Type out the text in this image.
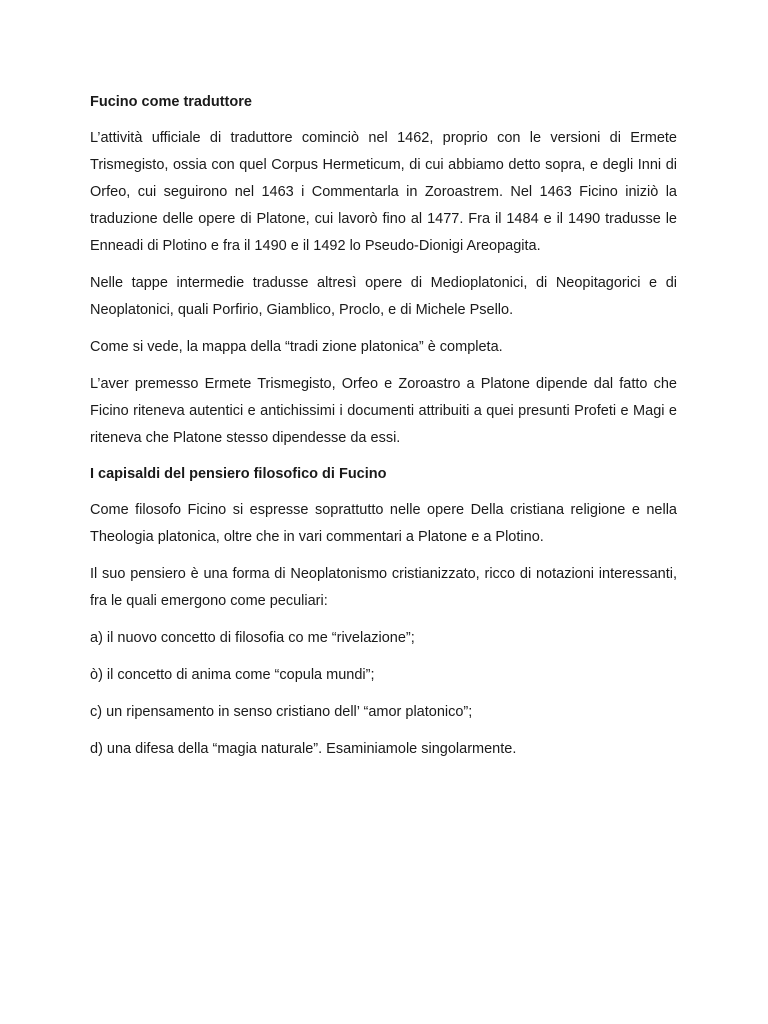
Fucino come traduttore

L’attività ufficiale di traduttore cominciò nel 1462, proprio con le versioni di Ermete Trismegisto, ossia con quel Corpus Hermeticum, di cui abbiamo detto sopra, e degli Inni di Orfeo, cui seguirono nel 1463 i Commentarla in Zoroastrem. Nel 1463 Ficino iniziò la traduzione delle opere di Platone, cui lavorò fino al 1477. Fra il 1484 e il 1490 tradusse le Enneadi di Plotino e fra il 1490 e il 1492 lo Pseudo-Dionigi Areopagita.

Nelle tappe intermedie tradusse altresì opere di Medioplatonici, di Neopitagorici e di Neoplatonici, quali Porfirio, Giamblico, Proclo, e di Michele Psello.

Come si vede, la mappa della “tradi zione platonica” è completa.

L’aver premesso Ermete Trismegisto, Orfeo e Zoroastro a Platone dipende dal fatto che Ficino riteneva autentici e antichissimi i documenti attribuiti a quei presunti Profeti e Magi e riteneva che Platone stesso dipendesse da essi.

I capisaldi del pensiero filosofico di Fucino

Come filosofo Ficino si espresse soprattutto nelle opere Della cristiana religione e nella Theologia platonica, oltre che in vari commentari a Platone e a Plotino.

Il suo pensiero è una forma di Neoplatonismo cristianizzato, ricco di notazioni interessanti, fra le quali emergono come peculiari:

a) il nuovo concetto di filosofia co me “rivelazione”;

ò) il concetto di anima come “copula mundi”;

c) un ripensamento in senso cristiano dell’ “amor platonico”;

d) una difesa della “magia naturale”. Esaminiamole singolarmente.
